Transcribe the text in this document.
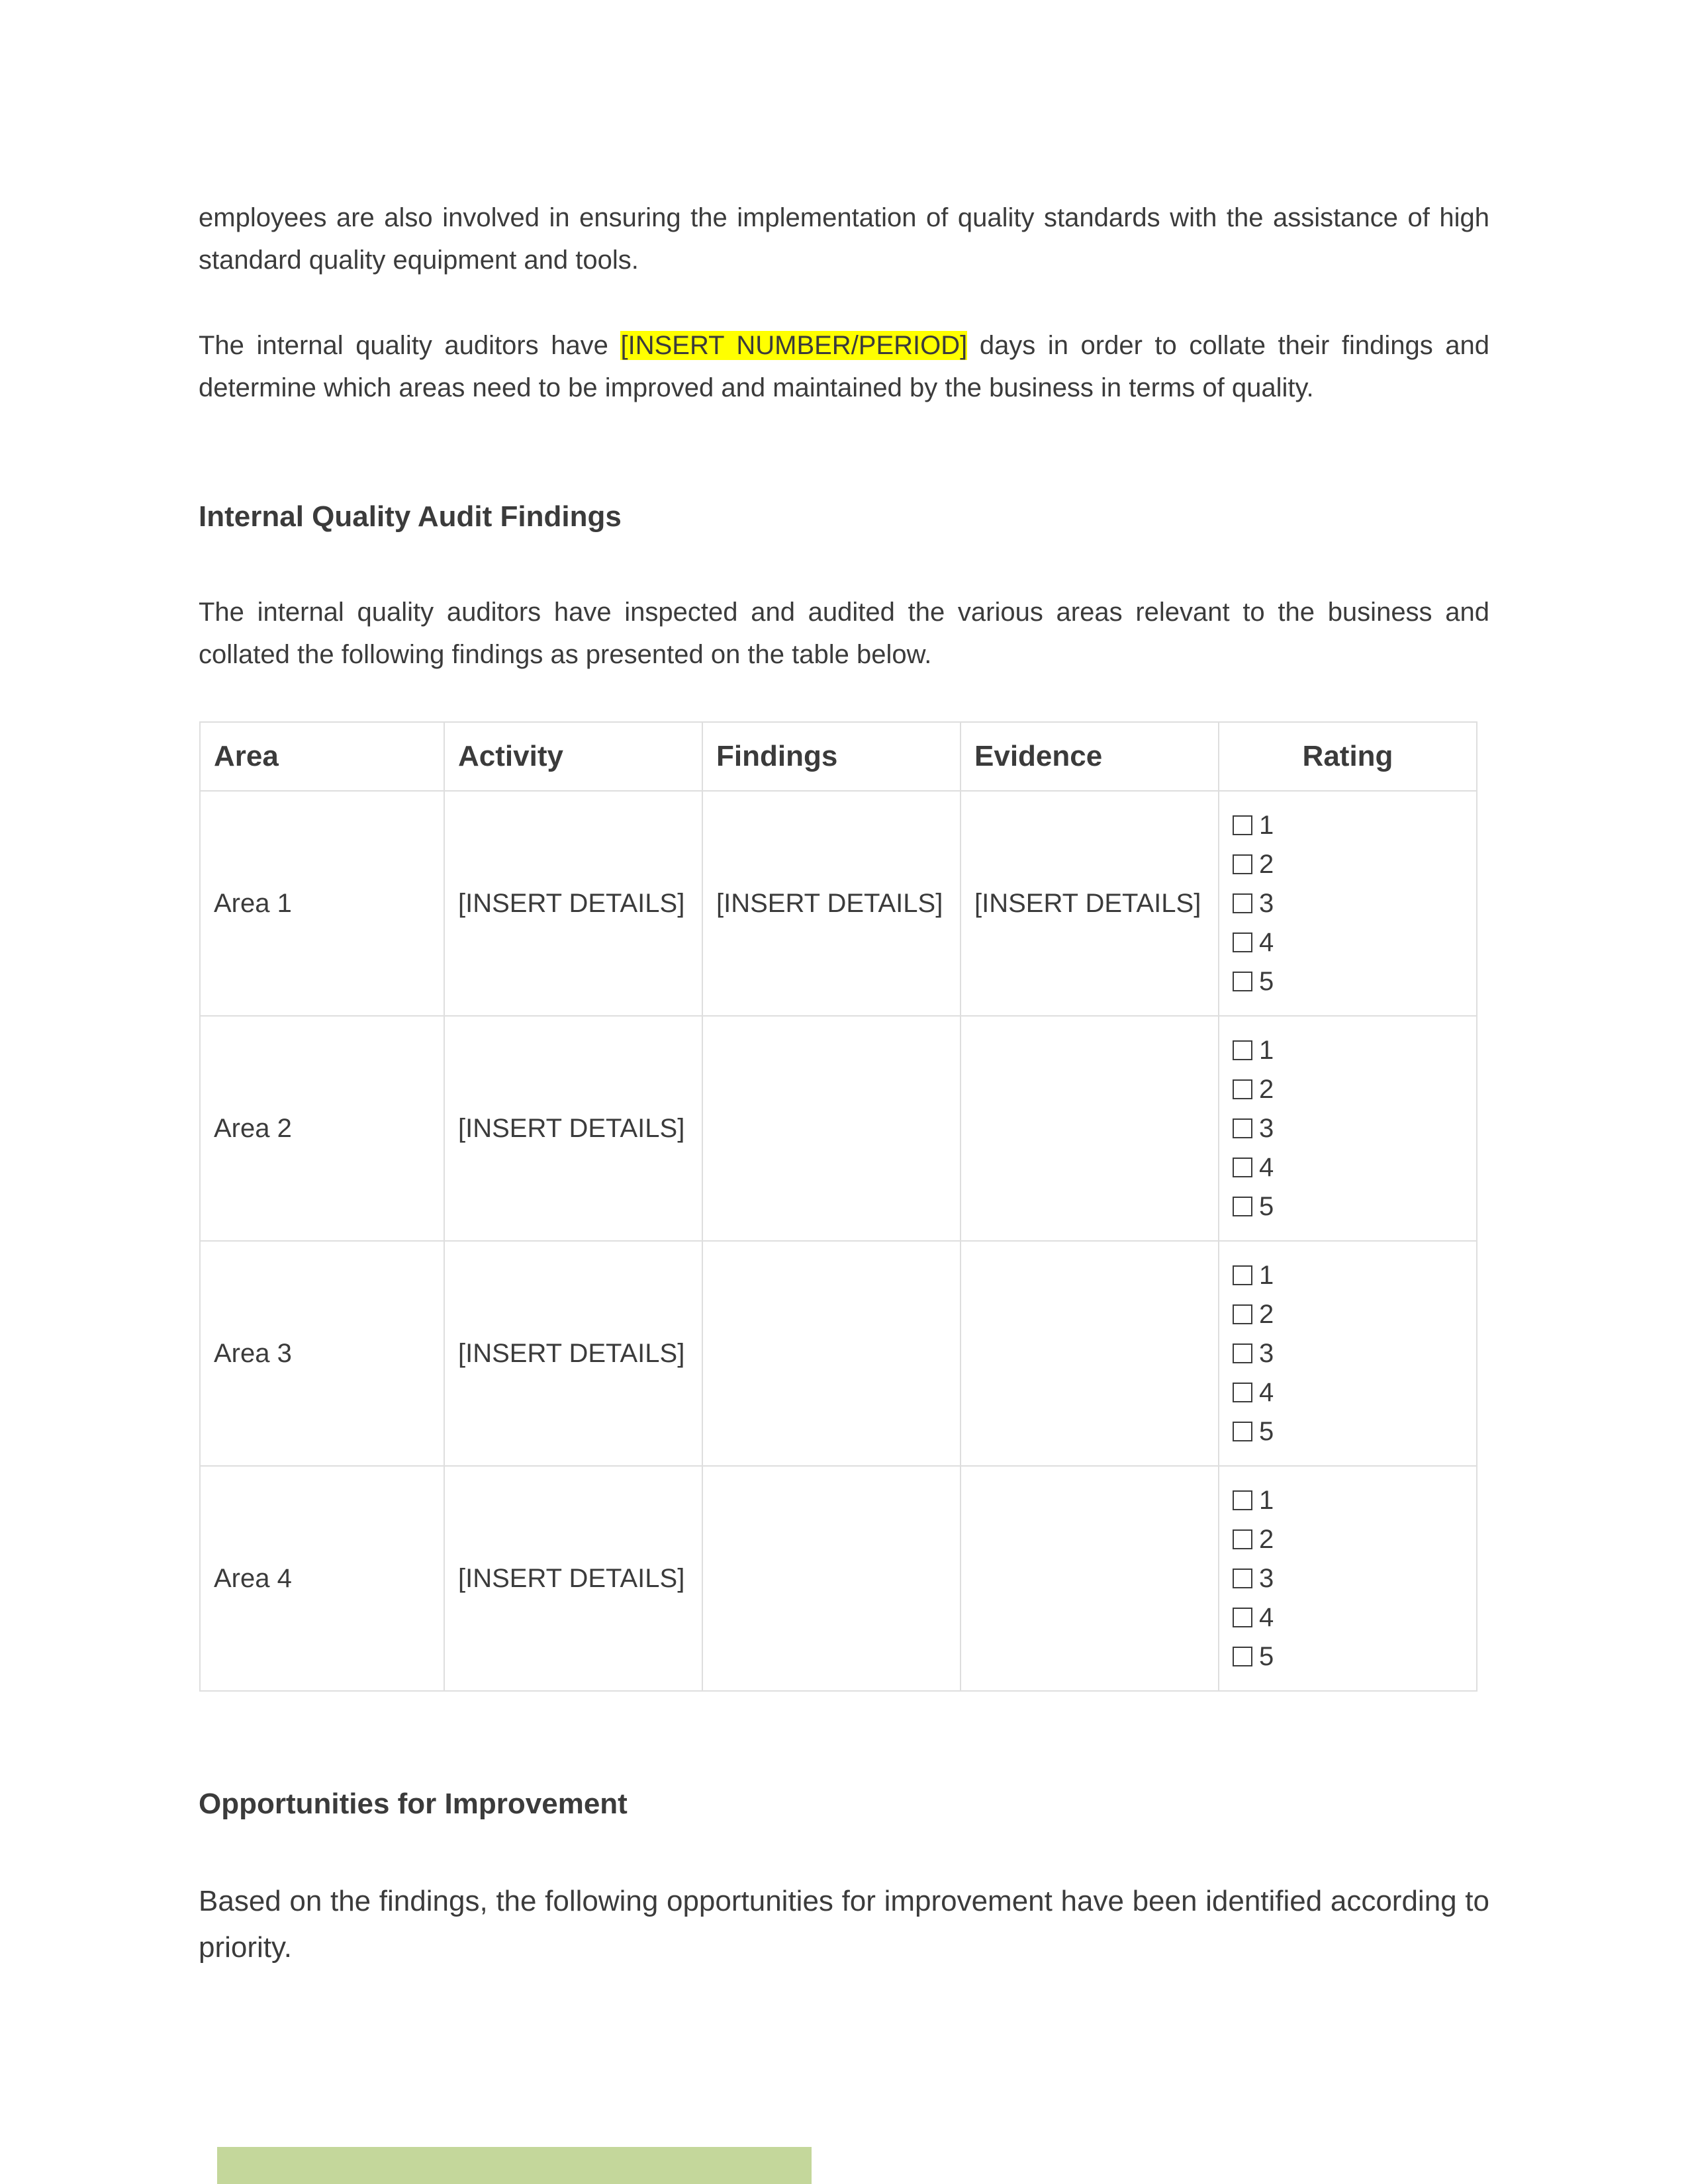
employees are also involved in ensuring the implementation of quality standards with the assistance of high standard quality equipment and tools.

The internal quality auditors have [INSERT NUMBER/PERIOD] days in order to collate their findings and determine which areas need to be improved and maintained by the business in terms of quality.

Internal Quality Audit Findings

The internal quality auditors have inspected and audited the various areas relevant to the business and collated the following findings as presented on the table below.

Area	Activity	Findings	Evidence	Rating
Area 1	[INSERT DETAILS]	[INSERT DETAILS]	[INSERT DETAILS]	1
2
3
4
5

Area 2	[INSERT DETAILS]			1
2
3
4
5

Area 3	[INSERT DETAILS]			1
2
3
4
5

Area 4	[INSERT DETAILS]			1
2
3
4
5
Opportunities for Improvement

Based on the findings, the following opportunities for improvement have been identified according to priority.
